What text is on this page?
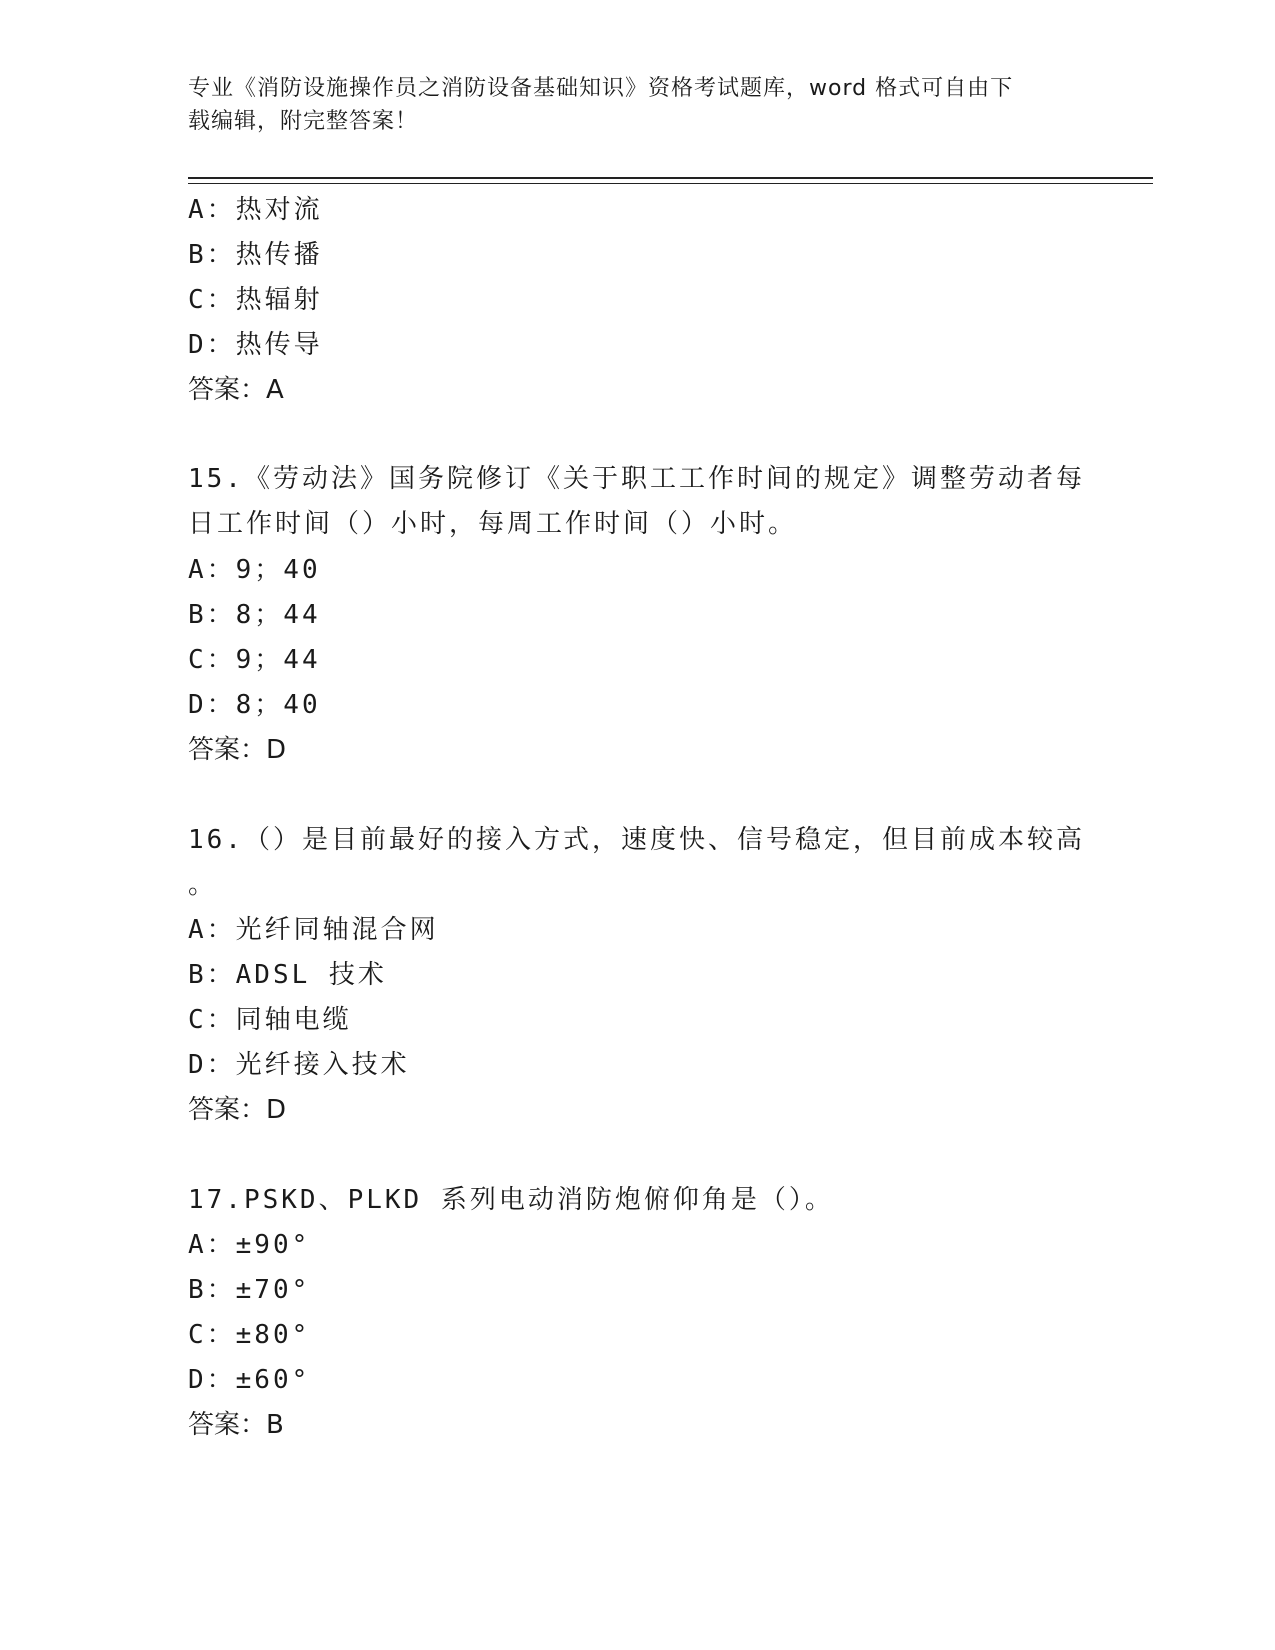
专业《消防设施操作员之消防设备基础知识》资格考试题库，word 格式可自由下
载编辑，附完整答案！
A：热对流
B：热传播
C：热辐射
D：热传导
答案：A
15.《劳动法》国务院修订《关于职工工作时间的规定》调整劳动者每
日工作时间（）小时，每周工作时间（）小时。
A：9；40
B：8；44
C：9；44
D：8；40
答案：D
16.（）是目前最好的接入方式，速度快、信号稳定，但目前成本较高
。
A：光纤同轴混合网
B：ADSL 技术
C：同轴电缆
D：光纤接入技术
答案：D
17.PSKD、PLKD 系列电动消防炮俯仰角是（）。
A：±90°
B：±70°
C：±80°
D：±60°
答案：B
